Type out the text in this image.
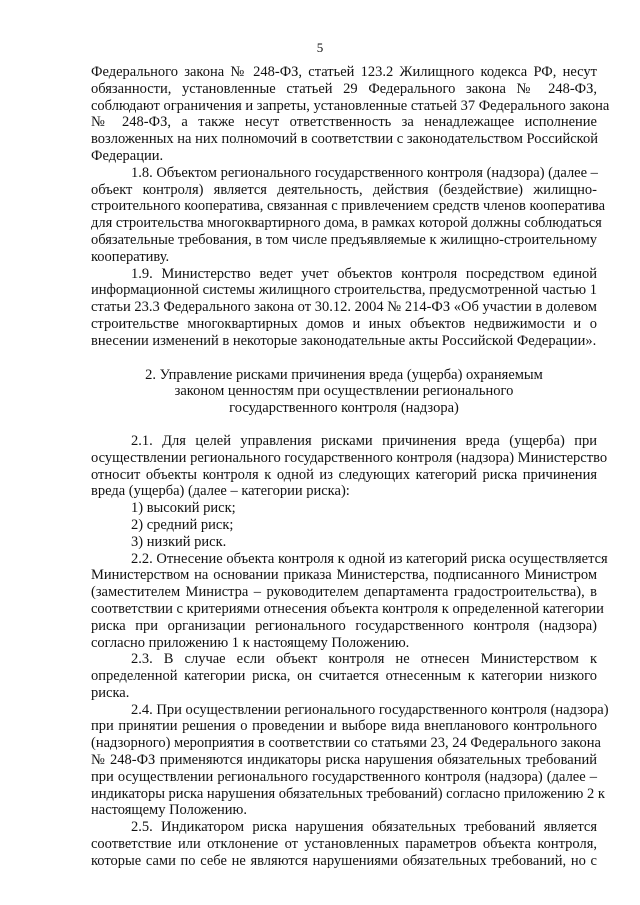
5
Федерального закона № 248-ФЗ, статьей 123.2 Жилищного кодекса РФ, несут
обязанности, установленные статьей 29 Федерального закона № 248-ФЗ,
соблюдают ограничения и запреты, установленные статьей 37 Федерального закона
№ 248-ФЗ, а также несут ответственность за ненадлежащее исполнение
возложенных на них полномочий в соответствии с законодательством Российской
Федерации.
1.8. Объектом регионального государственного контроля (надзора) (далее –
объект контроля) является деятельность, действия (бездействие) жилищно-
строительного кооператива, связанная с привлечением средств членов кооператива
для строительства многоквартирного дома, в рамках которой должны соблюдаться
обязательные требования, в том числе предъявляемые к жилищно-строительному
кооперативу.
1.9. Министерство ведет учет объектов контроля посредством единой
информационной системы жилищного строительства, предусмотренной частью 1
статьи 23.3 Федерального закона от 30.12. 2004 № 214-ФЗ «Об участии в долевом
строительстве многоквартирных домов и иных объектов недвижимости и о
внесении изменений в некоторые законодательные акты Российской Федерации».
2. Управление рисками причинения вреда (ущерба) охраняемым
законом ценностям при осуществлении регионального
государственного контроля (надзора)
2.1. Для целей управления рисками причинения вреда (ущерба) при
осуществлении регионального государственного контроля (надзора) Министерство
относит объекты контроля к одной из следующих категорий риска причинения
вреда (ущерба) (далее – категории риска):
1) высокий риск;
2) средний риск;
3) низкий риск.
2.2. Отнесение объекта контроля к одной из категорий риска осуществляется
Министерством на основании приказа Министерства, подписанного Министром
(заместителем Министра – руководителем департамента градостроительства), в
соответствии с критериями отнесения объекта контроля к определенной категории
риска при организации регионального государственного контроля (надзора)
согласно приложению 1 к настоящему Положению.
2.3. В случае если объект контроля не отнесен Министерством к
определенной категории риска, он считается отнесенным к категории низкого
риска.
2.4. При осуществлении регионального государственного контроля (надзора)
при принятии решения о проведении и выборе вида внепланового контрольного
(надзорного) мероприятия в соответствии со статьями 23, 24 Федерального закона
№ 248-ФЗ применяются индикаторы риска нарушения обязательных требований
при осуществлении регионального государственного контроля (надзора) (далее –
индикаторы риска нарушения обязательных требований) согласно приложению 2 к
настоящему Положению.
2.5. Индикатором риска нарушения обязательных требований является
соответствие или отклонение от установленных параметров объекта контроля,
которые сами по себе не являются нарушениями обязательных требований, но с
